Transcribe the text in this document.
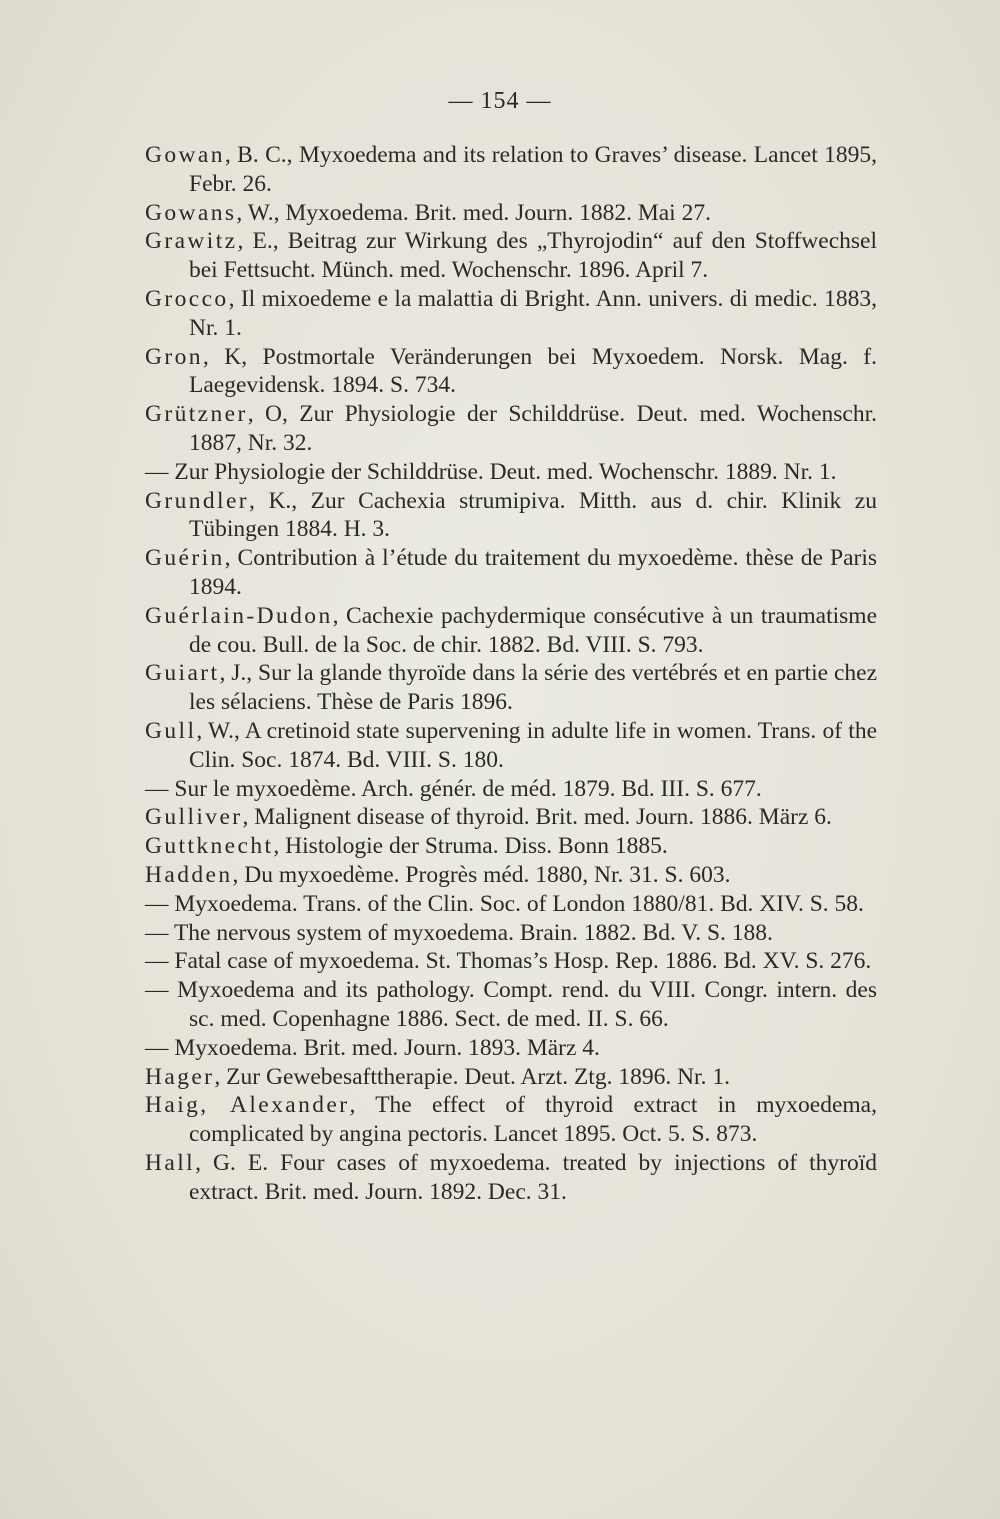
— 154 —

Gowan, B. C., Myxoedema and its relation to Graves’ disease. Lancet 1895, Febr. 26.

Gowans, W., Myxoedema. Brit. med. Journ. 1882. Mai 27.

Grawitz, E., Beitrag zur Wirkung des „Thyrojodin“ auf den Stoffwechsel bei Fettsucht. Münch. med. Wochenschr. 1896. April 7.

Grocco, Il mixoedeme e la malattia di Bright. Ann. univers. di medic. 1883, Nr. 1.

Gron, K, Postmortale Veränderungen bei Myxoedem. Norsk. Mag. f. Laegevidensk. 1894. S. 734.

Grützner, O, Zur Physiologie der Schilddrüse. Deut. med. Wochenschr. 1887, Nr. 32.

— Zur Physiologie der Schilddrüse. Deut. med. Wochenschr. 1889. Nr. 1.

Grundler, K., Zur Cachexia strumipiva. Mitth. aus d. chir. Klinik zu Tübingen 1884. H. 3.

Guérin, Contribution à l’étude du traitement du myxoedème. thèse de Paris 1894.

Guérlain-Dudon, Cachexie pachydermique consécutive à un traumatisme de cou. Bull. de la Soc. de chir. 1882. Bd. VIII. S. 793.

Guiart, J., Sur la glande thyroïde dans la série des vertébrés et en partie chez les sélaciens. Thèse de Paris 1896.

Gull, W., A cretinoid state supervening in adulte life in women. Trans. of the Clin. Soc. 1874. Bd. VIII. S. 180.

— Sur le myxoedème. Arch. génér. de méd. 1879. Bd. III. S. 677.

Gulliver, Malignent disease of thyroid. Brit. med. Journ. 1886. März 6.

Guttknecht, Histologie der Struma. Diss. Bonn 1885.

Hadden, Du myxoedème. Progrès méd. 1880, Nr. 31. S. 603.

— Myxoedema. Trans. of the Clin. Soc. of London 1880/81. Bd. XIV. S. 58.

— The nervous system of myxoedema. Brain. 1882. Bd. V. S. 188.

— Fatal case of myxoedema. St. Thomas’s Hosp. Rep. 1886. Bd. XV. S. 276.

— Myxoedema and its pathology. Compt. rend. du VIII. Congr. intern. des sc. med. Copenhagne 1886. Sect. de med. II. S. 66.

— Myxoedema. Brit. med. Journ. 1893. März 4.

Hager, Zur Gewebesafttherapie. Deut. Arzt. Ztg. 1896. Nr. 1.

Haig, Alexander, The effect of thyroid extract in myxoedema, complicated by angina pectoris. Lancet 1895. Oct. 5. S. 873.

Hall, G. E. Four cases of myxoedema. treated by injections of thyroïd extract. Brit. med. Journ. 1892. Dec. 31.
